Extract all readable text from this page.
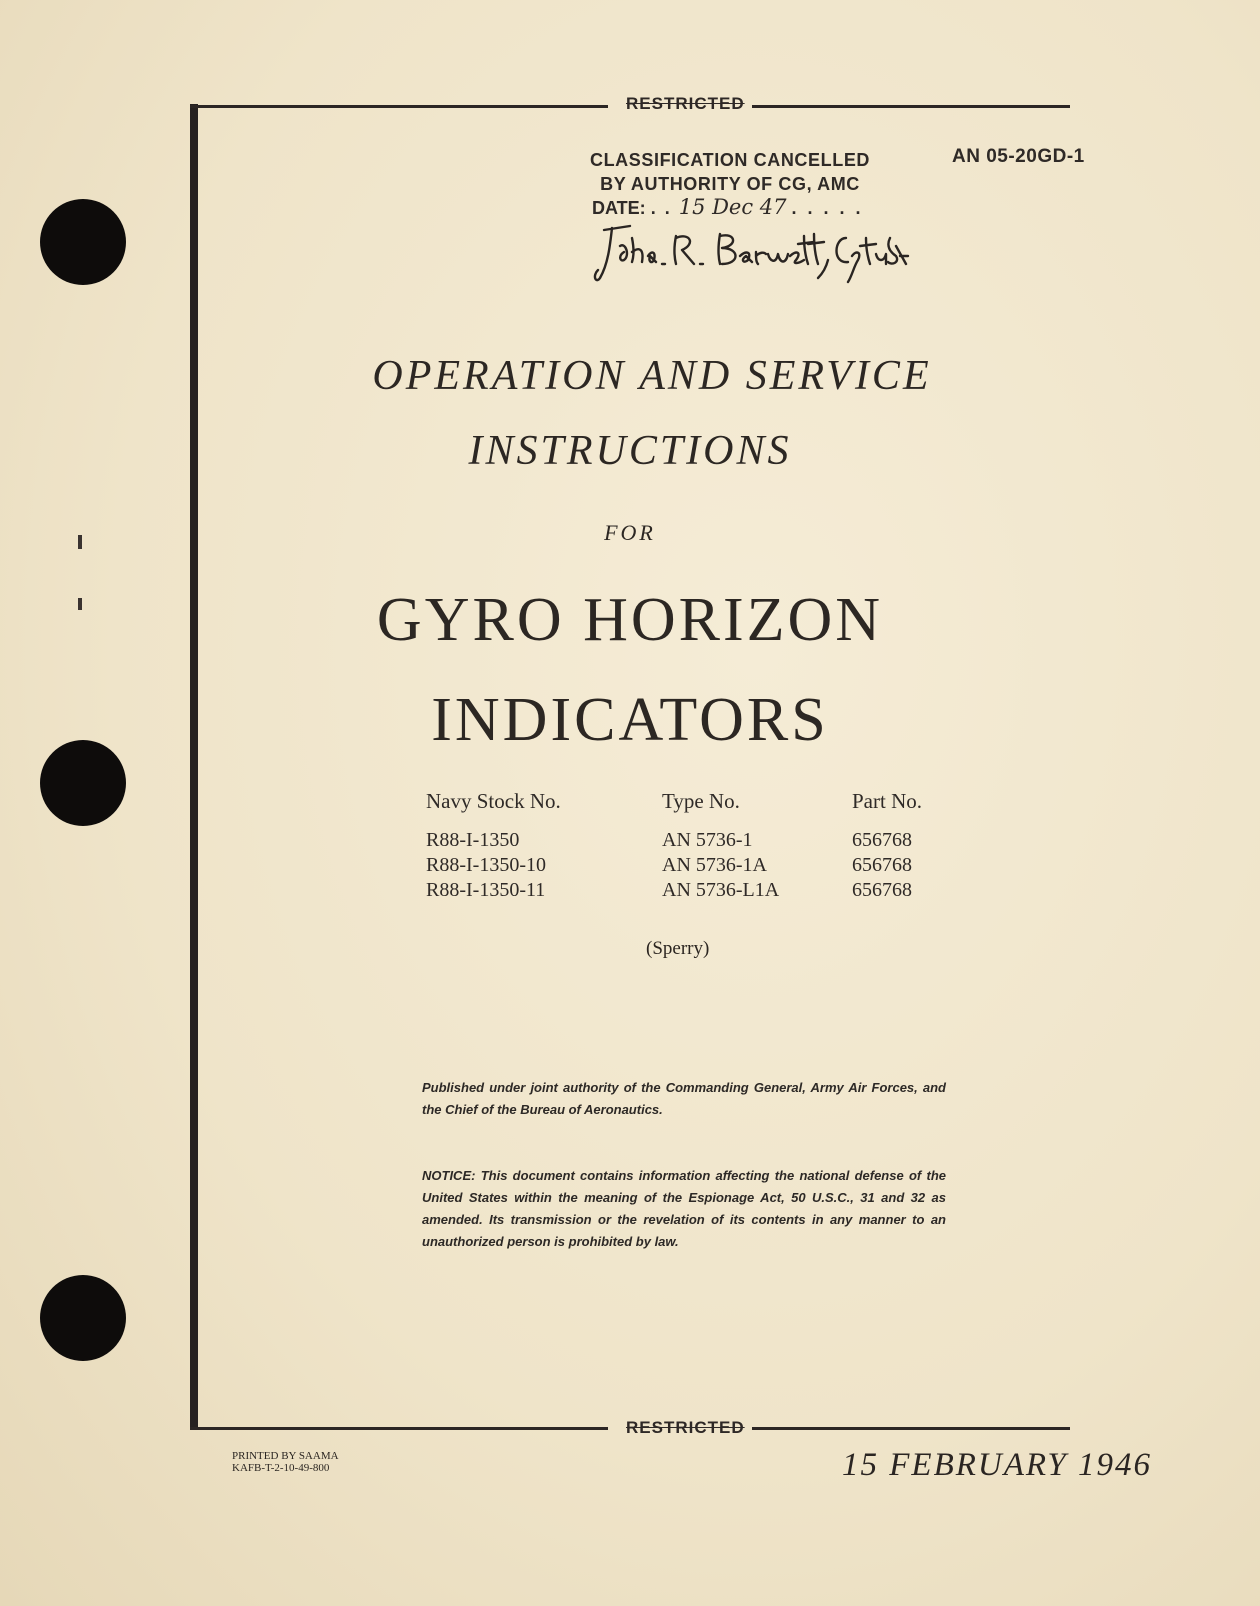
RESTRICTED
RESTRICTED
AN 05-20GD-1
CLASSIFICATION CANCELLED
BY AUTHORITY OF CG, AMC
DATE: . . 15 Dec 47 . . . . .
OPERATION AND SERVICE
INSTRUCTIONS
FOR
GYRO HORIZON
INDICATORS
Navy Stock No.
R88-I-1350
R88-I-1350-10
R88-I-1350-11
Type No.
AN 5736-1
AN 5736-1A
AN 5736-L1A
Part No.
656768
656768
656768
(Sperry)
Published under joint authority of the Commanding General, Army Air Forces, and the Chief of the Bureau of Aeronautics.
NOTICE: This document contains information affecting the national defense of the United States within the meaning of the Espionage Act, 50 U.S.C., 31 and 32 as amended. Its transmission or the revelation of its contents in any manner to an unauthorized person is prohibited by law.
PRINTED BY SAAMA
KAFB-T-2-10-49-800	15 FEBRUARY 1946
